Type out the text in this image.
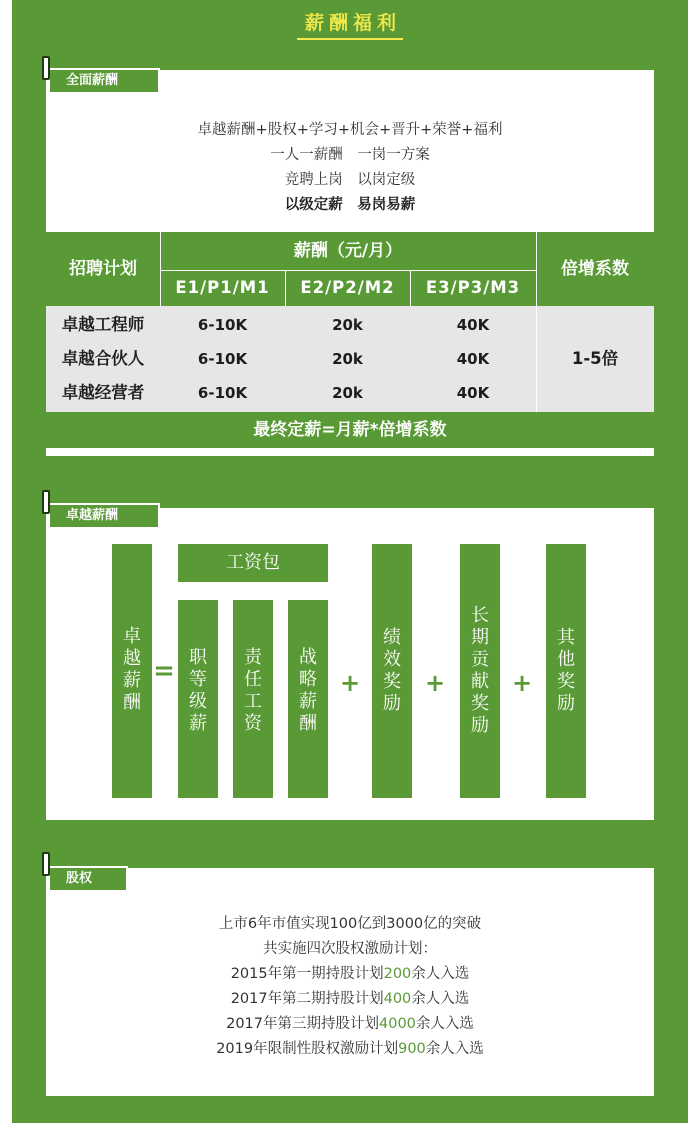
薪酬福利
卓越薪酬+股权+学习+机会+晋升+荣誉+福利
一人一薪酬　一岗一方案
竞聘上岗　以岗定级
以级定薪　易岗易薪
招聘计划
薪酬（元/月）
倍增系数
E1/P1/M1	E2/P2/M2	E3/P3/M3
卓越工程师	6-10K	20k	40K
卓越合伙人	6-10K	20k	40K
卓越经营者	6-10K	20k	40K
1-5倍
最终定薪=月薪*倍增系数
全面薪酬
卓
越
薪
酬
=
工资包
职
等
级
薪
责
任
工
资
战
略
薪
酬
+
绩
效
奖
励
+
长
期
贡
献
奖
励
+
其
他
奖
励
卓越薪酬
上市6年市值实现100亿到3000亿的突破
共实施四次股权激励计划：
2015年第一期持股计划200余人入选
2017年第二期持股计划400余人入选
2017年第三期持股计划4000余人入选
2019年限制性股权激励计划900余人入选
股权
